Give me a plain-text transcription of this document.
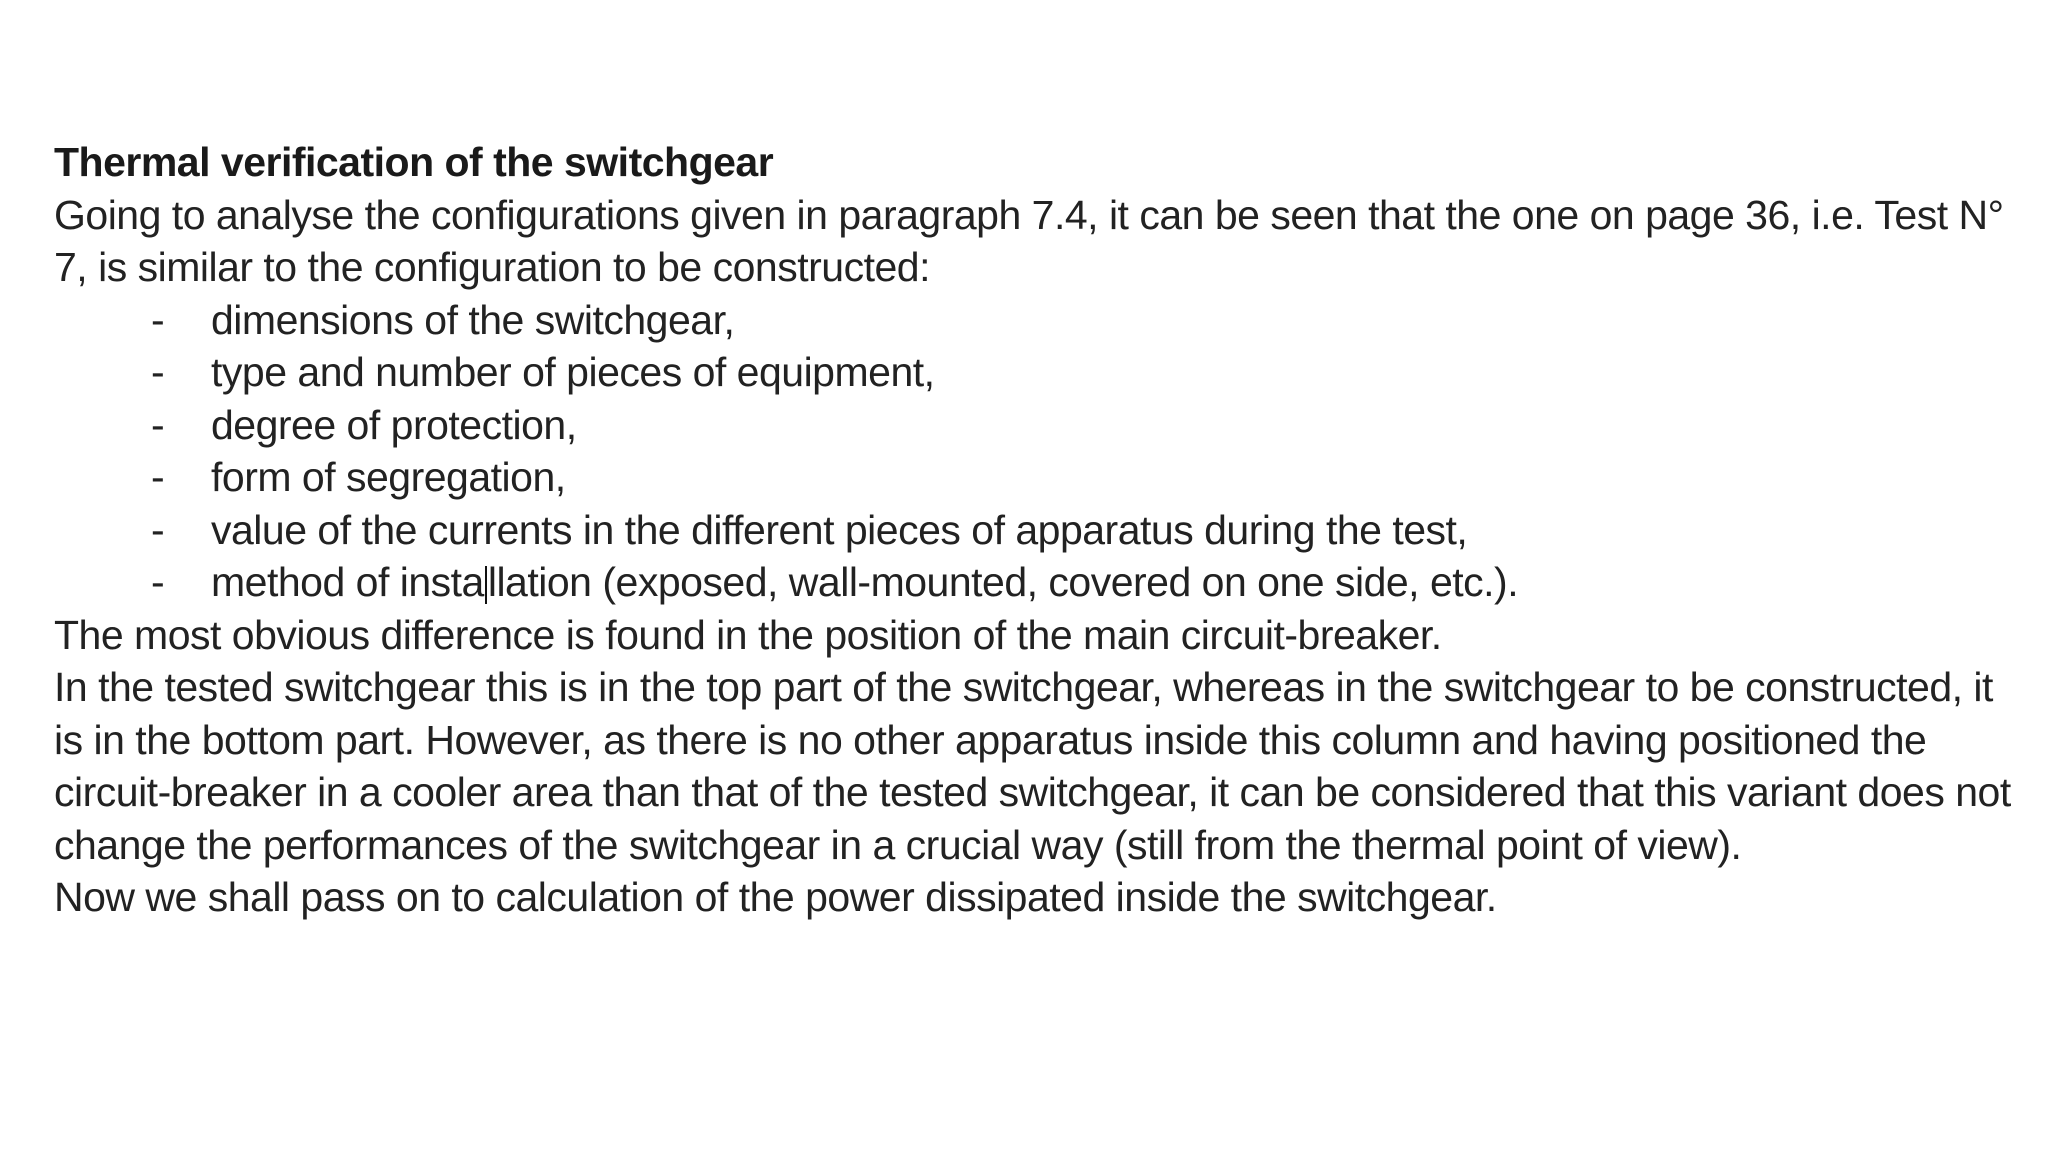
Thermal verification of the switchgear

Going to analyse the configurations given in paragraph 7.4, it can be seen that the one on page 36, i.e. Test N° 7, is similar to the configuration to be constructed:

- dimensions of the switchgear,
- type and number of pieces of equipment,
- degree of protection,
- form of segregation,
- value of the currents in the different pieces of apparatus during the test,
- method of installation (exposed, wall-mounted, covered on one side, etc.).

The most obvious difference is found in the position of the main circuit-breaker.

In the tested switchgear this is in the top part of the switchgear, whereas in the switchgear to be constructed, it is in the bottom part. However, as there is no other apparatus inside this column and having positioned the circuit-breaker in a cooler area than that of the tested switchgear, it can be considered that this variant does not change the performances of the switchgear in a crucial way (still from the thermal point of view).

Now we shall pass on to calculation of the power dissipated inside the switchgear.
